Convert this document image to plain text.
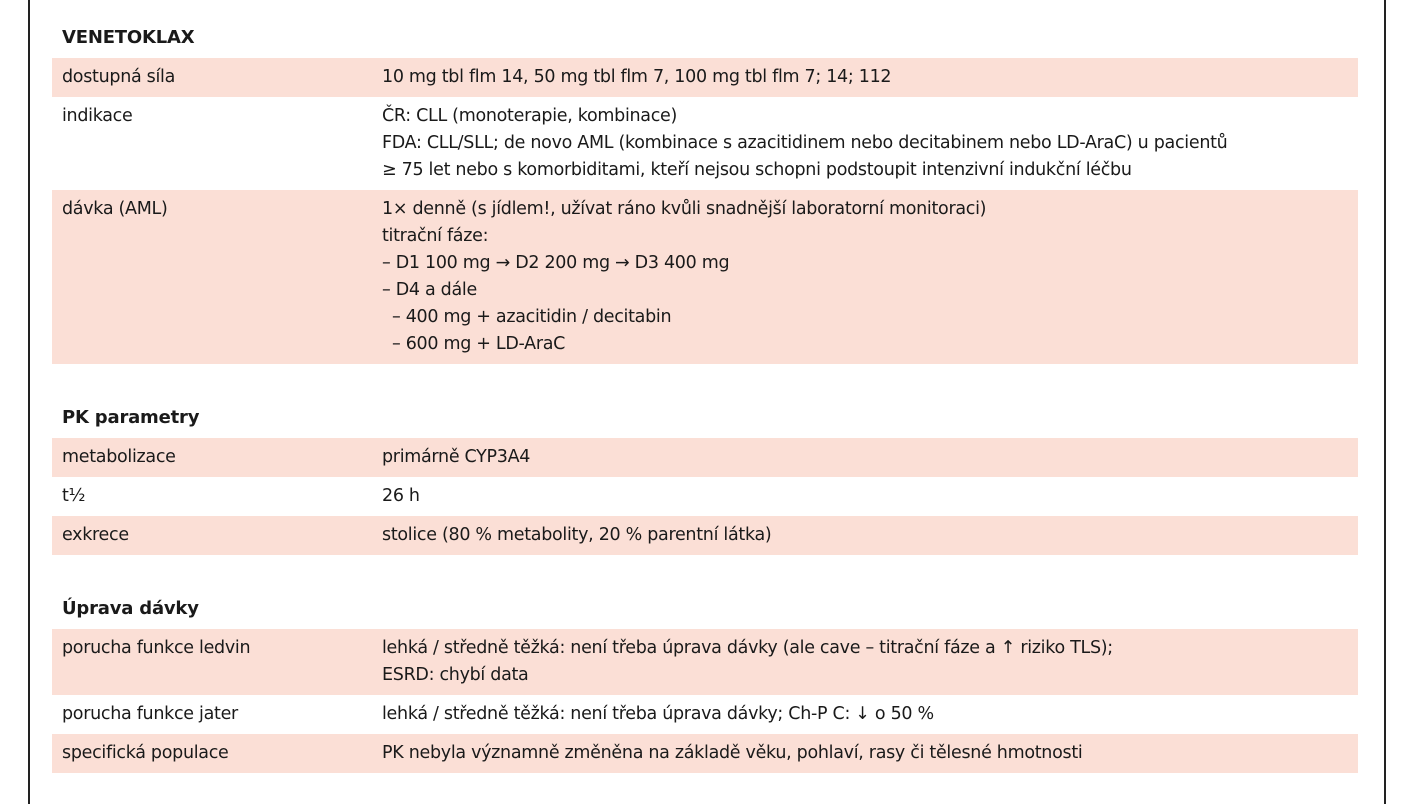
VENETOKLAX
dostupná síla	10 mg tbl flm 14, 50 mg tbl flm 7, 100 mg tbl flm 7; 14; 112
indikace	ČR: CLL (monoterapie, kombinace)
FDA: CLL/SLL; de novo AML (kombinace s azacitidinem nebo decitabinem nebo LD-AraC) u pacientů
≥ 75 let nebo s komorbiditami, kteří nejsou schopni podstoupit intenzivní indukční léčbu
dávka (AML)	1× denně (s jídlem!, užívat ráno kvůli snadnější laboratorní monitoraci)
titrační fáze:
– D1 100 mg → D2 200 mg → D3 400 mg
– D4 a dále
– 400 mg + azacitidin / decitabin
– 600 mg + LD-AraC
PK parametry
metabolizace	primárně CYP3A4
t½	26 h
exkrece	stolice (80 % metabolity, 20 % parentní látka)
Úprava dávky
porucha funkce ledvin	lehká / středně těžká: není třeba úprava dávky (ale cave – titrační fáze a ↑ riziko TLS);
ESRD: chybí data
porucha funkce jater	lehká / středně těžká: není třeba úprava dávky; Ch-P C: ↓ o 50 %
specifická populace	PK nebyla významně změněna na základě věku, pohlaví, rasy či tělesné hmotnosti
